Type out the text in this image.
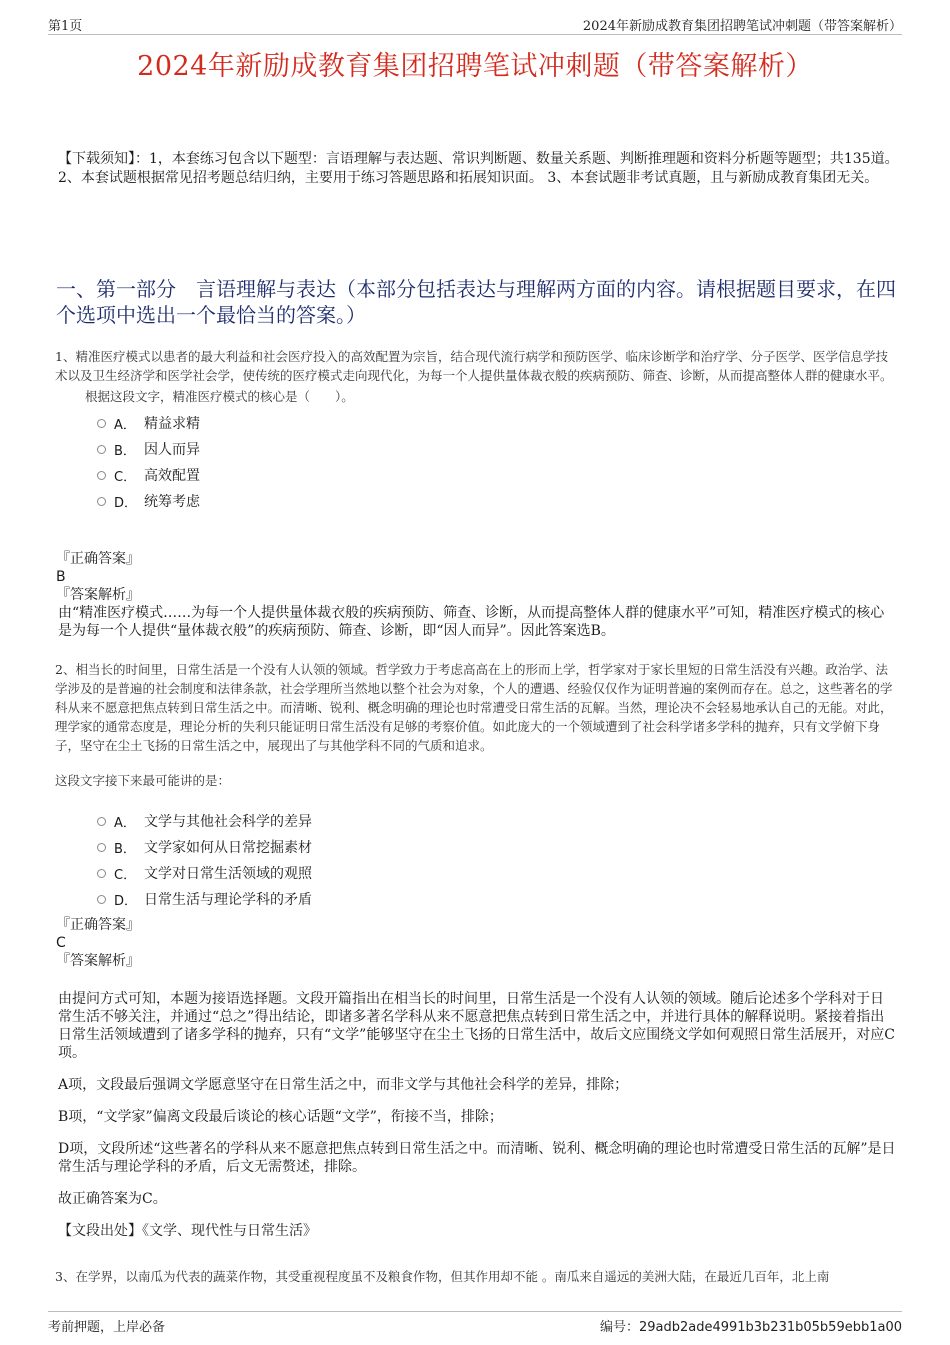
第1页	2024年新励成教育集团招聘笔试冲刺题（带答案解析）
2024年新励成教育集团招聘笔试冲刺题（带答案解析）
【下载须知】：1，本套练习包含以下题型：言语理解与表达题、常识判断题、数量关系题、判断推理题和资料分析题等题型；共135道。 2、本套试题根据常见招考题总结归纳，主要用于练习答题思路和拓展知识面。 3、本套试题非考试真题，且与新励成教育集团无关。
一、第一部分　言语理解与表达（本部分包括表达与理解两方面的内容。请根据题目要求，在四个选项中选出一个最恰当的答案。）
1、精准医疗模式以患者的最大利益和社会医疗投入的高效配置为宗旨，结合现代流行病学和预防医学、临床诊断学和治疗学、分子医学、医学信息学技术以及卫生经济学和医学社会学，使传统的医疗模式走向现代化，为每一个人提供量体裁衣般的疾病预防、筛查、诊断，从而提高整体人群的健康水平。
根据这段文字，精准医疗模式的核心是（　　）。
A． 精益求精
B． 因人而异
C． 高效配置
D． 统筹考虑
『正确答案』
B
『答案解析』
由“精准医疗模式……为每一个人提供量体裁衣般的疾病预防、筛查、诊断，从而提高整体人群的健康水平”可知，精准医疗模式的核心是为每一个人提供“量体裁衣般”的疾病预防、筛查、诊断，即“因人而异”。因此答案选B。
2、相当长的时间里，日常生活是一个没有人认领的领域。哲学致力于考虑高高在上的形而上学，哲学家对于家长里短的日常生活没有兴趣。政治学、法学涉及的是普遍的社会制度和法律条款，社会学理所当然地以整个社会为对象，个人的遭遇、经验仅仅作为证明普遍的案例而存在。总之，这些著名的学科从来不愿意把焦点转到日常生活之中。而清晰、锐利、概念明确的理论也时常遭受日常生活的瓦解。当然，理论决不会轻易地承认自己的无能。对此，理学家的通常态度是，理论分析的失利只能证明日常生活没有足够的考察价值。如此庞大的一个领域遭到了社会科学诸多学科的抛弃，只有文学俯下身子，坚守在尘土飞扬的日常生活之中，展现出了与其他学科不同的气质和追求。
这段文字接下来最可能讲的是：
A． 文学与其他社会科学的差异
B． 文学家如何从日常挖掘素材
C． 文学对日常生活领域的观照
D． 日常生活与理论学科的矛盾
『正确答案』
C
『答案解析』
由提问方式可知，本题为接语选择题。文段开篇指出在相当长的时间里，日常生活是一个没有人认领的领域。随后论述多个学科对于日常生活不够关注，并通过“总之”得出结论，即诸多著名学科从来不愿意把焦点转到日常生活之中，并进行具体的解释说明。紧接着指出日常生活领域遭到了诸多学科的抛弃，只有“文学”能够坚守在尘土飞扬的日常生活中，故后文应围绕文学如何观照日常生活展开，对应C项。
A项，文段最后强调文学愿意坚守在日常生活之中，而非文学与其他社会科学的差异，排除；
B项，“文学家”偏离文段最后谈论的核心话题“文学”，衔接不当，排除；
D项，文段所述“这些著名的学科从来不愿意把焦点转到日常生活之中。而清晰、锐利、概念明确的理论也时常遭受日常生活的瓦解”是日常生活与理论学科的矛盾，后文无需赘述，排除。
故正确答案为C。
【文段出处】《文学、现代性与日常生活》
3、在学界，以南瓜为代表的蔬菜作物，其受重视程度虽不及粮食作物，但其作用却不能 。南瓜来自遥远的美洲大陆，在最近几百年，北上南
考前押题，上岸必备	编号：29adb2ade4991b3b231b05b59ebb1a00
